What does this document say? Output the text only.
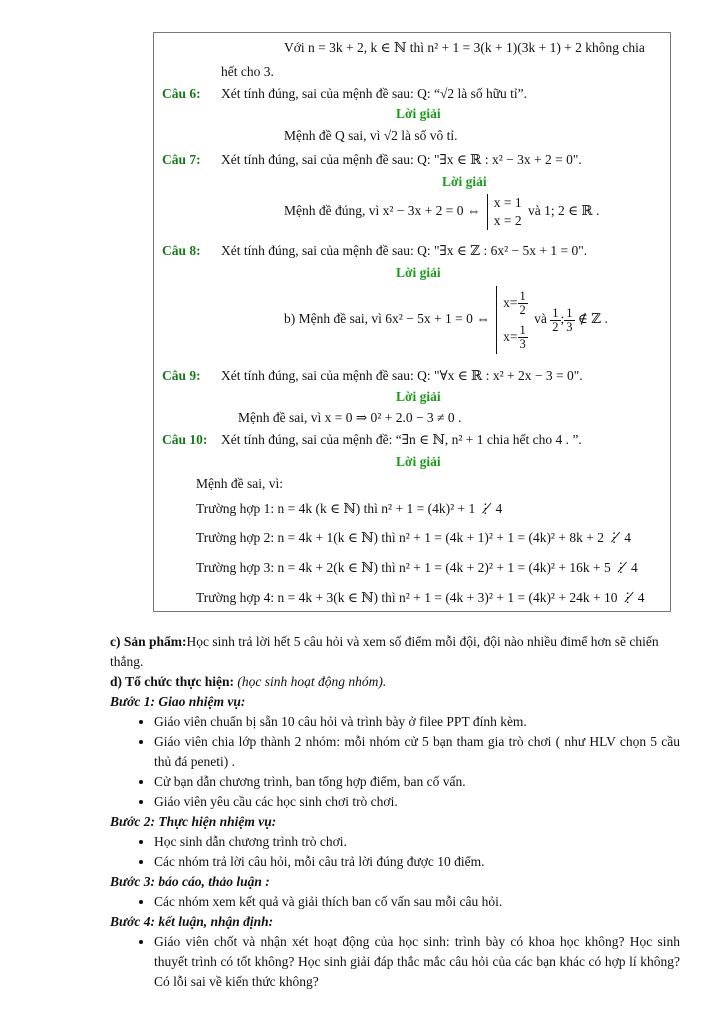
Với n = 3k + 2, k ∈ ℕ thì n² + 1 = 3(k + 1)(3k + 1) + 2 không chia
hết cho 3.
Câu 6: Xét tính đúng, sai của mệnh đề sau: Q: “√2 là số hữu tỉ”.
Lời giải
Mệnh đề Q sai, vì √2 là số vô tỉ.
Câu 7: Xét tính đúng, sai của mệnh đề sau: Q: "∃x ∈ ℝ : x² − 3x + 2 = 0".
Lời giải
Mệnh đề đúng, vì x² − 3x + 2 = 0 ⇔
x = 1
x = 2
và 1; 2 ∈ ℝ .
Câu 8: Xét tính đúng, sai của mệnh đề sau: Q: "∃x ∈ ℤ : 6x² − 5x + 1 = 0".
Lời giải
b) Mệnh đề sai, vì 6x² − 5x + 1 = 0 ⇔
$x= \frac{1}{2}$
$x= \frac{1}{3}$
và $\frac{1}{2}$ ; $\frac{1}{3}$ ∉ ℤ .
Câu 9: Xét tính đúng, sai của mệnh đề sau: Q: "∀x ∈ ℝ : x² + 2x − 3 = 0".
Lời giải
Mệnh đề sai, vì x = 0 ⇒ 0² + 2.0 − 3 ≠ 0 .
Câu 10: Xét tính đúng, sai của mệnh đề: “∃n ∈ ℕ, n² + 1 chia hết cho 4 . ”.
Lời giải
Mệnh đề sai, vì:
Trường hợp 1: n = 4k (k ∈ ℕ) thì n² + 1 = (4k)² + 1 ⋮̸ 4
Trường hợp 2: n = 4k + 1(k ∈ ℕ) thì n² + 1 = (4k + 1)² + 1 = (4k)² + 8k + 2 ⋮̸ 4
Trường hợp 3: n = 4k + 2(k ∈ ℕ) thì n² + 1 = (4k + 2)² + 1 = (4k)² + 16k + 5 ⋮̸ 4
Trường hợp 4: n = 4k + 3(k ∈ ℕ) thì n² + 1 = (4k + 3)² + 1 = (4k)² + 24k + 10 ⋮̸ 4
c) Sản phẩm:Học sinh trả lời hết 5 câu hỏi và xem số điểm mỗi đội, đội nào nhiều đimể hơn sẽ chiến thắng.
d) Tổ chức thực hiện: (học sinh hoạt động nhóm).
Bước 1: Giao nhiệm vụ:
• Giáo viên chuẩn bị sẵn 10 câu hỏi và trình bày ở filee PPT đính kèm.
• Giáo viên chia lớp thành 2 nhóm: mỗi nhóm cử 5 bạn tham gia trò chơi ( như HLV chọn 5 cầu thủ đá peneti) .
• Cử bạn dẫn chương trình, ban tổng hợp điểm, ban cố vấn.
• Giáo viên yêu cầu các học sinh chơi trò chơi.
Bước 2: Thực hiện nhiệm vụ:
• Học sinh dẫn chương trình trò chơi.
• Các nhóm trả lời câu hỏi, mỗi câu trả lời đúng được 10 điểm.
Bước 3: báo cáo, thảo luận :
• Các nhóm xem kết quả và giải thích ban cố vấn sau mỗi câu hỏi.
Bước 4: kết luận, nhận định:
• Giáo viên chốt và nhận xét hoạt động của học sinh: trình bày có khoa học không? Học sinh thuyết trình có tốt không? Học sinh giải đáp thắc mắc câu hỏi của các bạn khác có hợp lí không? Có lỗi sai về kiến thức không?
